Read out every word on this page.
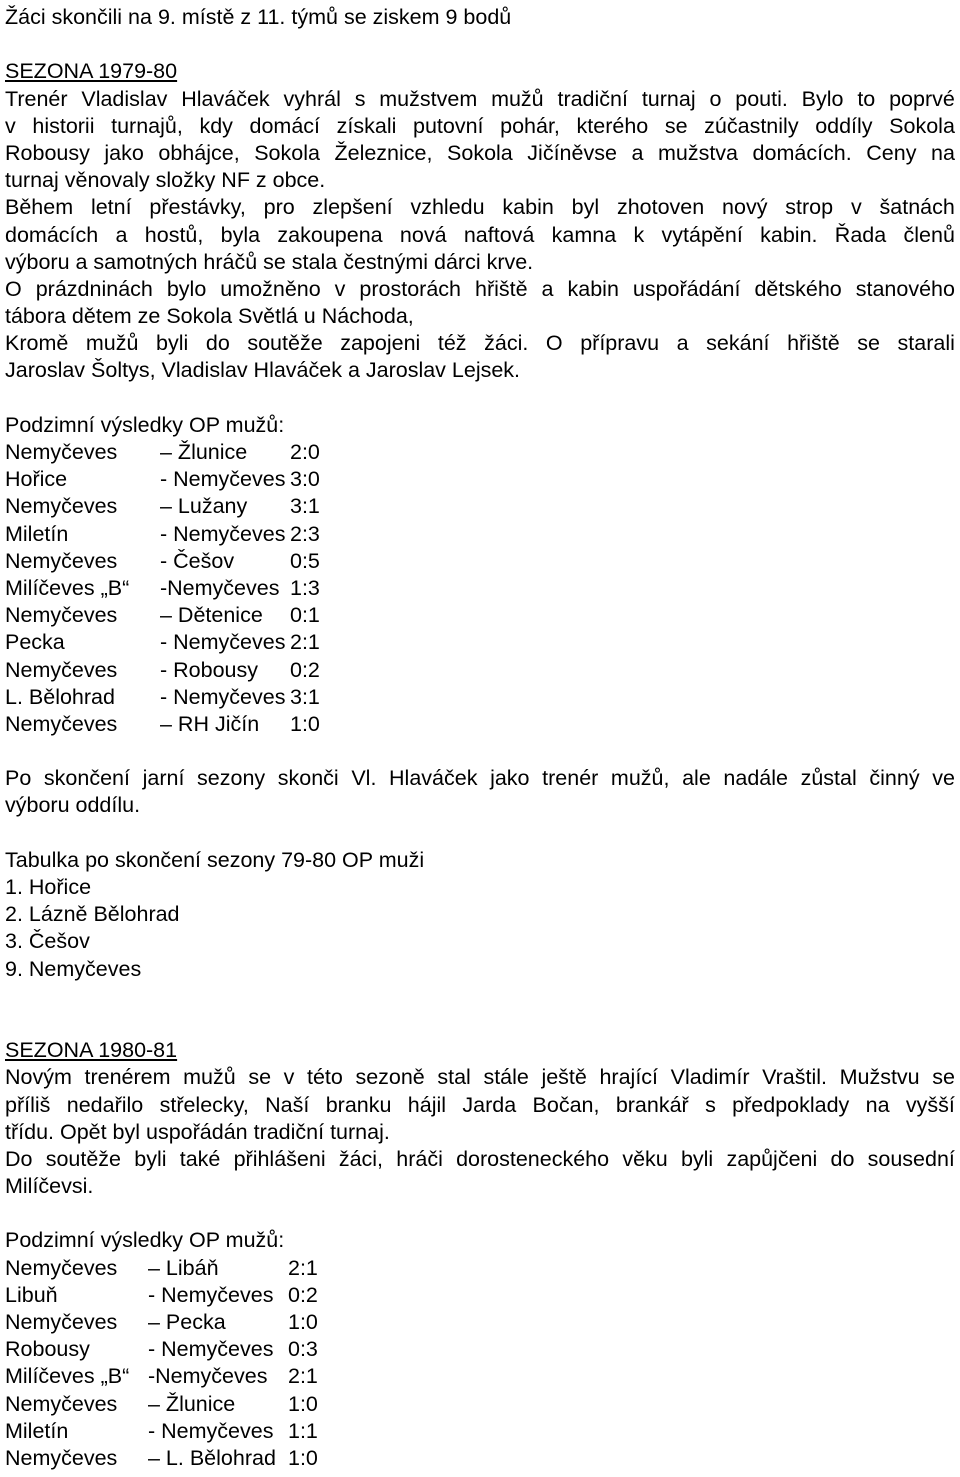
Žáci skončili na 9. místě z 11. týmů se ziskem 9 bodů
SEZONA 1979-80
Trenér Vladislav Hlaváček vyhrál s mužstvem mužů tradiční turnaj o pouti. Bylo to poprvé
v historii turnajů, kdy domácí získali putovní pohár, kterého se zúčastnily oddíly Sokola
Robousy jako obhájce, Sokola Železnice, Sokola Jičíněvse a mužstva domácích. Ceny na
turnaj věnovaly složky NF z obce.
Během letní přestávky, pro zlepšení vzhledu kabin byl zhotoven nový strop v šatnách
domácích a hostů, byla zakoupena nová naftová kamna k vytápění kabin. Řada členů
výboru a samotných hráčů se stala čestnými dárci krve.
O prázdninách bylo umožněno v prostorách hřiště a kabin uspořádání dětského stanového
tábora dětem ze Sokola Světlá u Náchoda,
Kromě mužů byli do soutěže zapojeni též žáci. O přípravu a sekání hřiště se starali
Jaroslav Šoltys, Vladislav Hlaváček a Jaroslav Lejsek.
Podzimní výsledky OP mužů:
Nemyčeves	– Žlunice	2:0
Hořice	- Nemyčeves 3:0
Nemyčeves	– Lužany	3:1
Miletín	- Nemyčeves 2:3
Nemyčeves	- Češov	0:5
Milíčeves „B“	-Nemyčeves 1:3
Nemyčeves	– Dětenice	0:1
Pecka	- Nemyčeves 2:1
Nemyčeves	- Robousy	0:2
L. Bělohrad	- Nemyčeves 3:1
Nemyčeves	– RH Jičín	1:0
Po skončení jarní sezony skonči Vl. Hlaváček jako trenér mužů, ale nadále zůstal činný ve
výboru oddílu.
Tabulka po skončení sezony 79-80 OP muži
1. Hořice
2. Lázně Bělohrad
3. Češov
9. Nemyčeves
SEZONA 1980-81
Novým trenérem mužů se v této sezoně stal stále ještě hrající Vladimír Vraštil. Mužstvu se
příliš nedařilo střelecky, Naší branku hájil Jarda Bočan, brankář s předpoklady na vyšší
třídu. Opět byl uspořádán tradiční turnaj.
Do soutěže byli také přihlášeni žáci, hráči dorosteneckého věku byli zapůjčeni do sousední
Milíčevsi.
Podzimní výsledky OP mužů:
Nemyčeves	– Libáň	2:1
Libuň	- Nemyčeves 0:2
Nemyčeves	– Pecka	1:0
Robousy	- Nemyčeves 0:3
Milíčeves „B“ -Nemyčeves 2:1
Nemyčeves	– Žlunice	1:0
Miletín	- Nemyčeves 1:1
Nemyčeves	– L. Bělohrad 1:0
